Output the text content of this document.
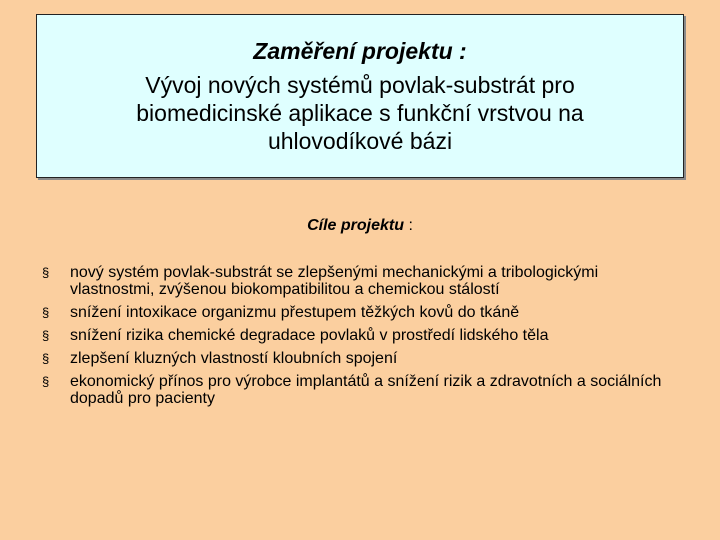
Zaměření projektu :
Vývoj nových systémů povlak-substrát pro
biomedicinské aplikace s funkční vrstvou na
uhlovodíkové bázi
Cíle projektu :
§ nový systém povlak-substrát se zlepšenými mechanickými a tribologickými vlastnostmi, zvýšenou biokompatibilitou a chemickou stálostí
§ snížení intoxikace organizmu přestupem těžkých kovů do tkáně
§ snížení rizika chemické degradace povlaků v prostředí lidského těla
§ zlepšení kluzných vlastností kloubních spojení
§ ekonomický přínos pro výrobce implantátů a snížení rizik a zdravotních a sociálních dopadů pro pacienty
